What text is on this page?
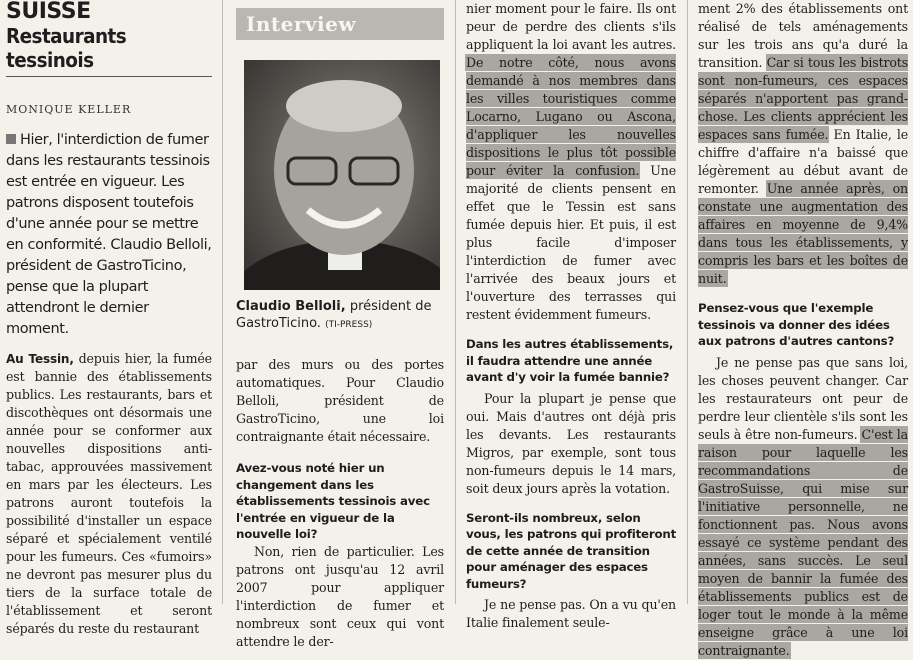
SUISSE

Restaurants tessinois

MONIQUE KELLER

Hier, l'interdiction de fumer dans les restaurants tessinois est entrée en vigueur. Les patrons disposent toutefois d'une année pour se mettre en conformité. Claudio Belloli, président de GastroTicino, pense que la plupart attendront le dernier moment.

Au Tessin, depuis hier, la fumée est bannie des établissements publics. Les restaurants, bars et discothèques ont désormais une année pour se conformer aux nouvelles dispositions anti-tabac, approuvées massivement en mars par les électeurs. Les patrons auront toutefois la possibilité d'installer un espace séparé et spécialement ventilé pour les fumeurs. Ces «fumoirs» ne devront pas mesurer plus du tiers de la surface totale de l'établissement et seront séparés du reste du restaurant

Interview

Claudio Belloli, président de GastroTicino. (TI-PRESS)

par des murs ou des portes automatiques. Pour Claudio Belloli, président de GastroTicino, une loi contraignante était nécessaire.

Avez-vous noté hier un changement dans les établissements tessinois avec l'entrée en vigueur de la nouvelle loi?

Non, rien de particulier. Les patrons ont jusqu'au 12 avril 2007 pour appliquer l'interdiction de fumer et nombreux sont ceux qui vont attendre le der-

nier moment pour le faire. Ils ont peur de perdre des clients s'ils appliquent la loi avant les autres. De notre côté, nous avons demandé à nos membres dans les villes touristiques comme Locarno, Lugano ou Ascona, d'appliquer les nouvelles dispositions le plus tôt possible pour éviter la confusion. Une majorité de clients pensent en effet que le Tessin est sans fumée depuis hier. Et puis, il est plus facile d'imposer l'interdiction de fumer avec l'arrivée des beaux jours et l'ouverture des terrasses qui restent évidemment fumeurs.

Dans les autres établissements, il faudra attendre une année avant d'y voir la fumée bannie?

Pour la plupart je pense que oui. Mais d'autres ont déjà pris les devants. Les restaurants Migros, par exemple, sont tous non-fumeurs depuis le 14 mars, soit deux jours après la votation.

Seront-ils nombreux, selon vous, les patrons qui profiteront de cette année de transition pour aménager des espaces fumeurs?

Je ne pense pas. On a vu qu'en Italie finalement seule-

ment 2% des établissements ont réalisé de tels aménagements sur les trois ans qu'a duré la transition. Car si tous les bistrots sont non-fumeurs, ces espaces séparés n'apportent pas grand-chose. Les clients apprécient les espaces sans fumée. En Italie, le chiffre d'affaire n'a baissé que légèrement au début avant de remonter. Une année après, on constate une augmentation des affaires en moyenne de 9,4% dans tous les établissements, y compris les bars et les boîtes de nuit.

Pensez-vous que l'exemple tessinois va donner des idées aux patrons d'autres cantons?

Je ne pense pas que sans loi, les choses peuvent changer. Car les restaurateurs ont peur de perdre leur clientèle s'ils sont les seuls à être non-fumeurs. C'est la raison pour laquelle les recommandations de GastroSuisse, qui mise sur l'initiative personnelle, ne fonctionnent pas. Nous avons essayé ce système pendant des années, sans succès. Le seul moyen de bannir la fumée des établissements publics est de loger tout le monde à la même enseigne grâce à une loi contraignante.
